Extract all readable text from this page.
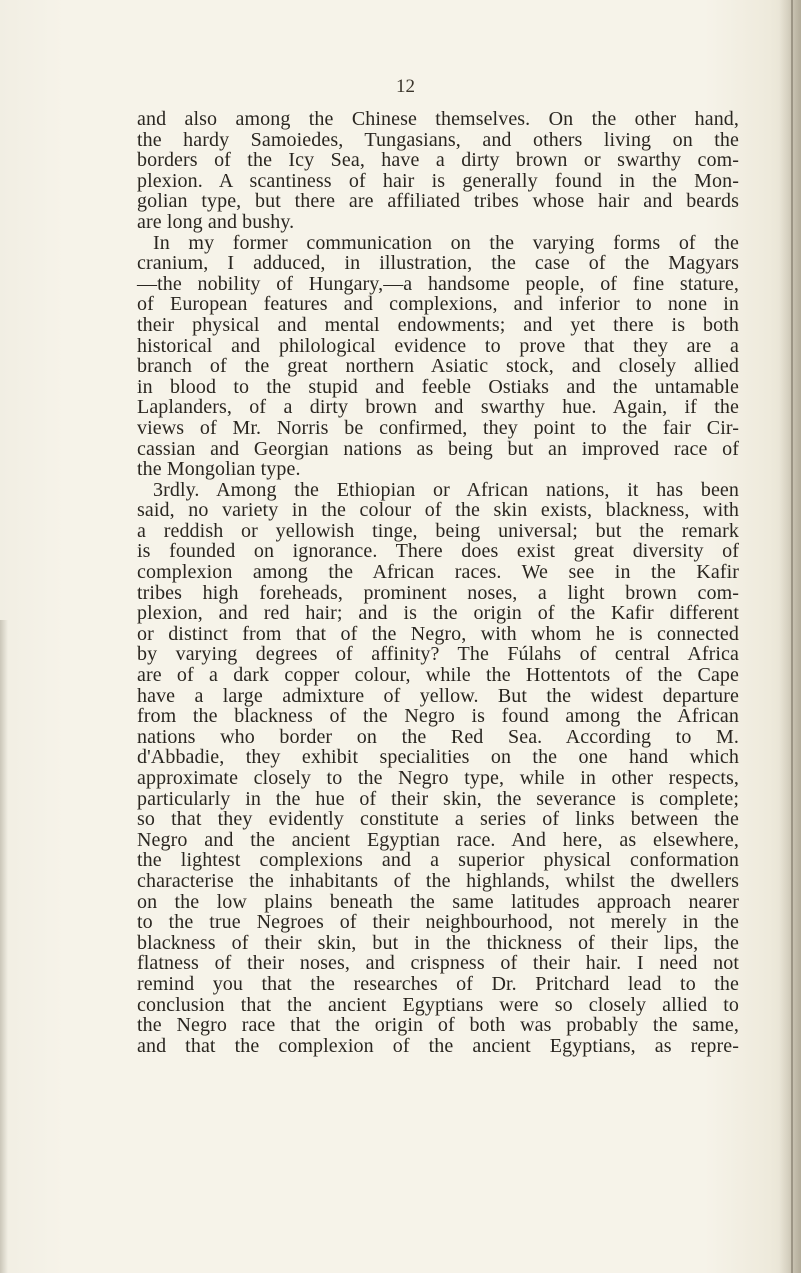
12
and also among the Chinese themselves. On the other hand,
the hardy Samoiedes, Tungasians, and others living on the
borders of the Icy Sea, have a dirty brown or swarthy com-
plexion. A scantiness of hair is generally found in the Mon-
golian type, but there are affiliated tribes whose hair and beards
are long and bushy.
In my former communication on the varying forms of the
cranium, I adduced, in illustration, the case of the Magyars
—the nobility of Hungary,—a handsome people, of fine stature,
of European features and complexions, and inferior to none in
their physical and mental endowments; and yet there is both
historical and philological evidence to prove that they are a
branch of the great northern Asiatic stock, and closely allied
in blood to the stupid and feeble Ostiaks and the untamable
Laplanders, of a dirty brown and swarthy hue. Again, if the
views of Mr. Norris be confirmed, they point to the fair Cir-
cassian and Georgian nations as being but an improved race of
the Mongolian type.
3rdly. Among the Ethiopian or African nations, it has been
said, no variety in the colour of the skin exists, blackness, with
a reddish or yellowish tinge, being universal; but the remark
is founded on ignorance. There does exist great diversity of
complexion among the African races. We see in the Kafir
tribes high foreheads, prominent noses, a light brown com-
plexion, and red hair; and is the origin of the Kafir different
or distinct from that of the Negro, with whom he is connected
by varying degrees of affinity? The Fúlahs of central Africa
are of a dark copper colour, while the Hottentots of the Cape
have a large admixture of yellow. But the widest departure
from the blackness of the Negro is found among the African
nations who border on the Red Sea. According to M.
d'Abbadie, they exhibit specialities on the one hand which
approximate closely to the Negro type, while in other respects,
particularly in the hue of their skin, the severance is complete;
so that they evidently constitute a series of links between the
Negro and the ancient Egyptian race. And here, as elsewhere,
the lightest complexions and a superior physical conformation
characterise the inhabitants of the highlands, whilst the dwellers
on the low plains beneath the same latitudes approach nearer
to the true Negroes of their neighbourhood, not merely in the
blackness of their skin, but in the thickness of their lips, the
flatness of their noses, and crispness of their hair. I need not
remind you that the researches of Dr. Pritchard lead to the
conclusion that the ancient Egyptians were so closely allied to
the Negro race that the origin of both was probably the same,
and that the complexion of the ancient Egyptians, as repre-
